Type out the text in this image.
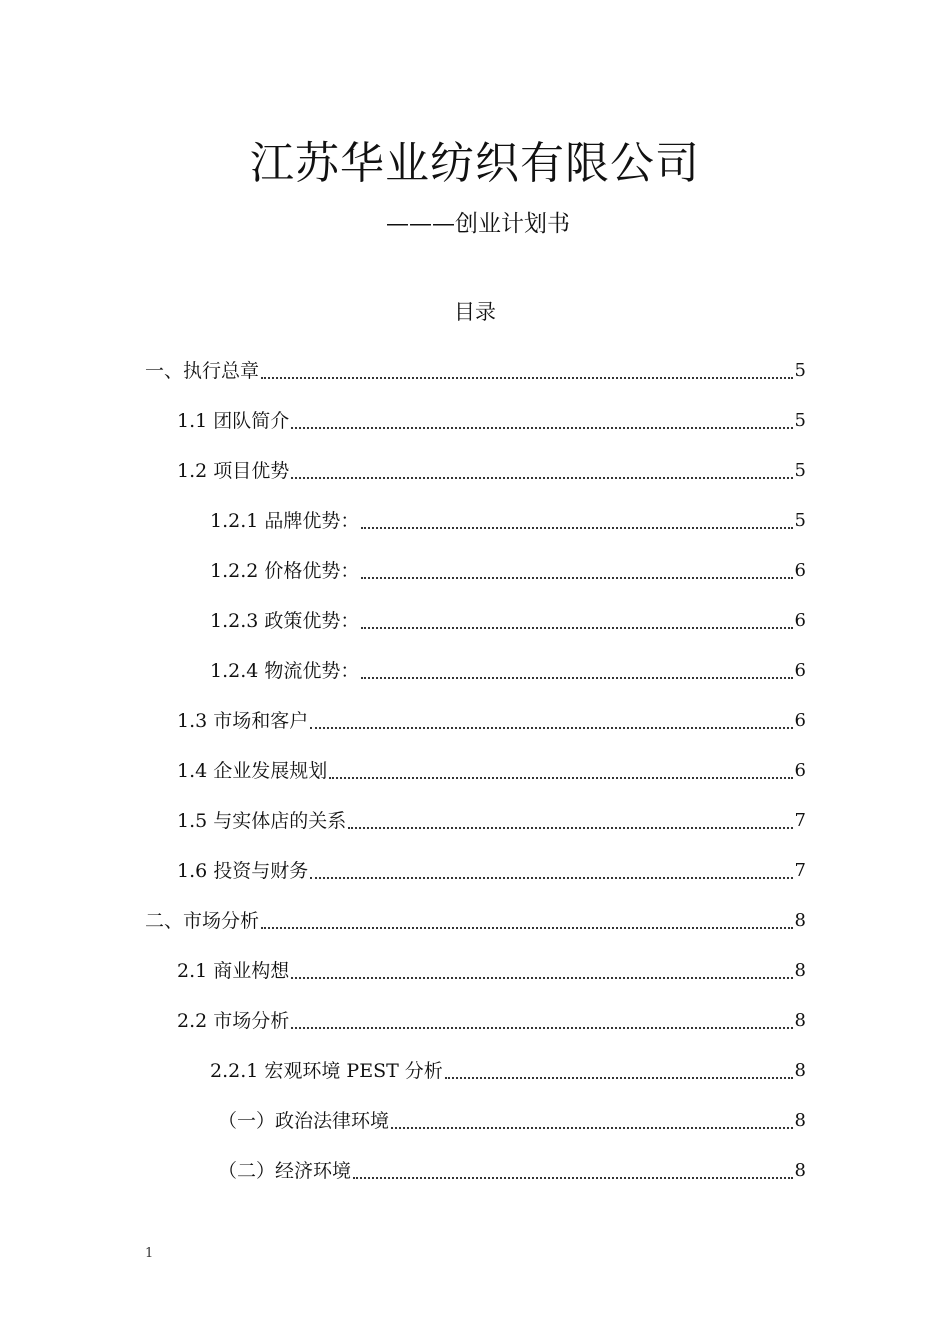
江苏华业纺织有限公司
———创业计划书
目录
一、执行总章	5
1.1 团队简介	5
1.2 项目优势	5
1.2.1 品牌优势：	5
1.2.2 价格优势：	6
1.2.3 政策优势：	6
1.2.4 物流优势：	6
1.3 市场和客户	6
1.4 企业发展规划	6
1.5 与实体店的关系	7
1.6 投资与财务	7
二、市场分析	8
2.1 商业构想	8
2.2 市场分析	8
2.2.1 宏观环境 PEST 分析	8
（一）政治法律环境	8
（二）经济环境	8
1
